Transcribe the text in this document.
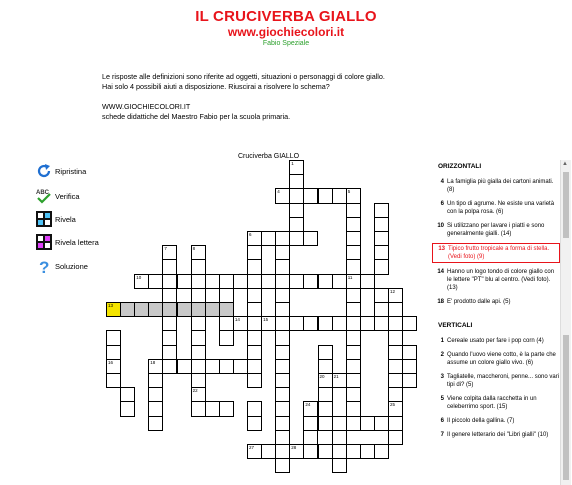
IL CRUCIVERBA GIALLO
www.giochiecolori.it
Fabio Speziale
Le risposte alle definizioni sono riferite ad oggetti, situazioni o personaggi di colore giallo.
Hai solo 4 possibili aiuti a disposizione. Riuscirai a risolvere lo schema?
WWW.GIOCHIECOLORI.IT
schede didattiche del Maestro Fabio per la scuola primaria.
Ripristina
ABC Verifica
Rivela
Rivela lettera
? Soluzione
Cruciverba GIALLO
1
4	5
6
7	8
10	11
12
13
14	15
16	18
20 21
22
24	25
27	28
ORIZZONTALI
4 La famiglia più gialla dei cartoni animati. (8)
6 Un tipo di agrume. Ne esiste una varietà con la polpa rosa. (6)
10 Si utilizzano per lavare i piatti e sono generalmente gialli. (14)
13 Tipico frutto tropicale a forma di stella. (Vedi foto) (9)
14 Hanno un logo tondo di colore giallo con le lettere "PT" blu al centro. (Vedi foto). (13)
18 E' prodotto dalle api. (5)
VERTICALI
1 Cereale usato per fare i pop corn (4)
2 Quando l'uovo viene cotto, è la parte che assume un colore giallo vivo. (6)
3 Tagliatelle, maccheroni, penne... sono vari tipi di? (5)
5 Viene colpita dalla racchetta in un celeberrimo sport. (15)
6 Il piccolo della gallina. (7)
7 Il genere letterario dei "Libri gialli" (10)
▲
